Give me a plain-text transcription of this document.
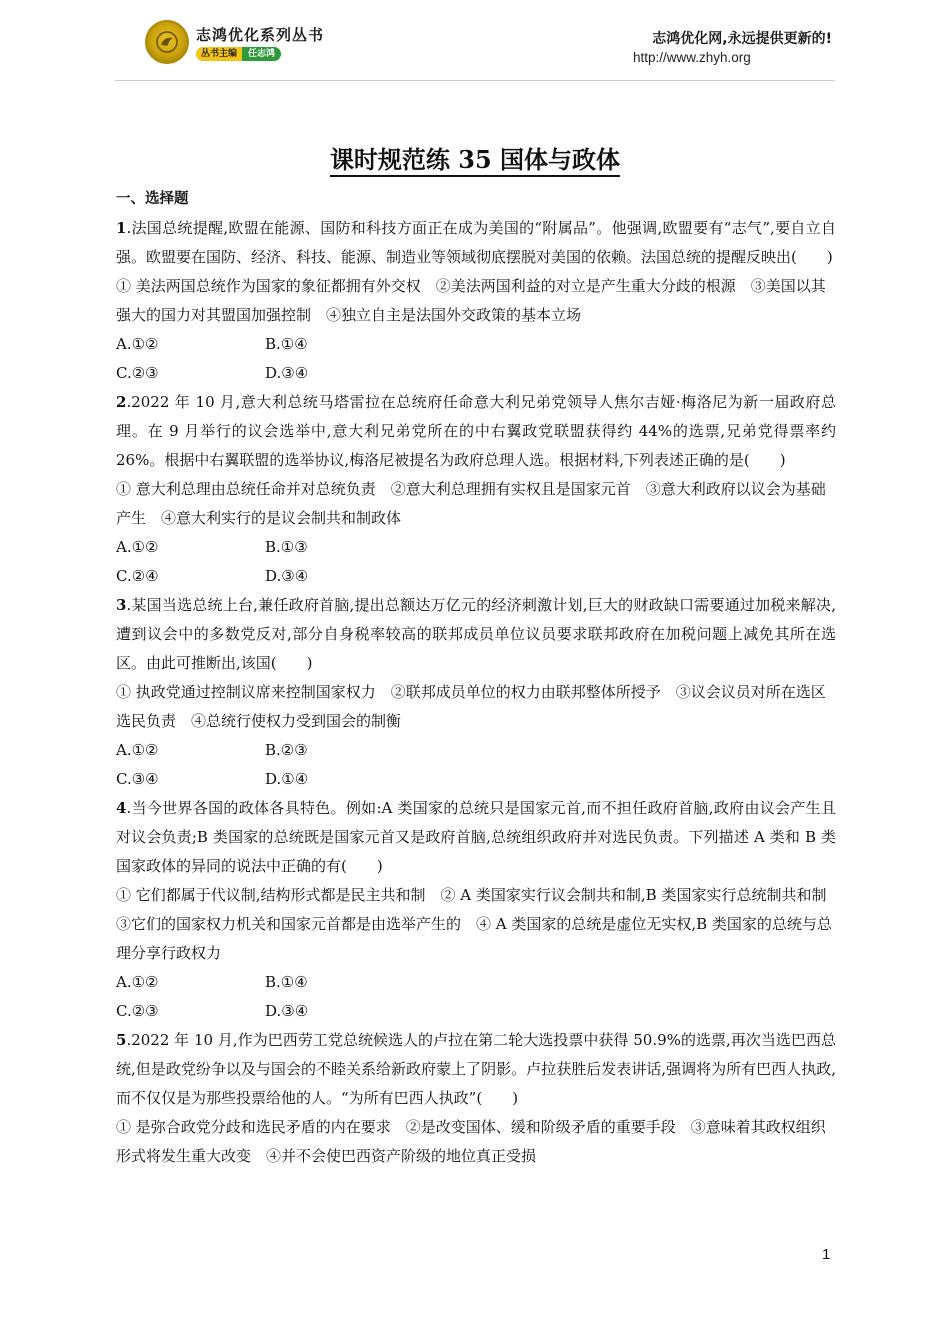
志鸿优化系列丛书
丛书主编	任志鸿
志鸿优化网,永远提供更新的!
http://www.zhyh.org
课时规范练 35 国体与政体
一、选择题
1.法国总统提醒,欧盟在能源、国防和科技方面正在成为美国的“附属品”。他强调,欧盟要有“志气”,要自立自强。欧盟要在国防、经济、科技、能源、制造业等领域彻底摆脱对美国的依赖。法国总统的提醒反映出(　　)
① 美法两国总统作为国家的象征都拥有外交权　②美法两国利益的对立是产生重大分歧的根源　③美国以其强大的国力对其盟国加强控制　④独立自主是法国外交政策的基本立场
A.①②	B.①④
C.②③	D.③④
2.2022 年 10 月,意大利总统马塔雷拉在总统府任命意大利兄弟党领导人焦尔吉娅·梅洛尼为新一届政府总理。在 9 月举行的议会选举中,意大利兄弟党所在的中右翼政党联盟获得约 44%的选票,兄弟党得票率约 26%。根据中右翼联盟的选举协议,梅洛尼被提名为政府总理人选。根据材料,下列表述正确的是(　　)
① 意大利总理由总统任命并对总统负责　②意大利总理拥有实权且是国家元首　③意大利政府以议会为基础产生　④意大利实行的是议会制共和制政体
A.①②	B.①③
C.②④	D.③④
3.某国当选总统上台,兼任政府首脑,提出总额达万亿元的经济刺激计划,巨大的财政缺口需要通过加税来解决,遭到议会中的多数党反对,部分自身税率较高的联邦成员单位议员要求联邦政府在加税问题上减免其所在选区。由此可推断出,该国(　　)
① 执政党通过控制议席来控制国家权力　②联邦成员单位的权力由联邦整体所授予　③议会议员对所在选区选民负责　④总统行使权力受到国会的制衡
A.①②	B.②③
C.③④	D.①④
4.当今世界各国的政体各具特色。例如:A 类国家的总统只是国家元首,而不担任政府首脑,政府由议会产生且对议会负责;B 类国家的总统既是国家元首又是政府首脑,总统组织政府并对选民负责。下列描述 A 类和 B 类国家政体的异同的说法中正确的有(　　)
① 它们都属于代议制,结构形式都是民主共和制　② A 类国家实行议会制共和制,B 类国家实行总统制共和制　③它们的国家权力机关和国家元首都是由选举产生的　④ A 类国家的总统是虚位无实权,B 类国家的总统与总理分享行政权力
A.①②	B.①④
C.②③	D.③④
5.2022 年 10 月,作为巴西劳工党总统候选人的卢拉在第二轮大选投票中获得 50.9%的选票,再次当选巴西总统,但是政党纷争以及与国会的不睦关系给新政府蒙上了阴影。卢拉获胜后发表讲话,强调将为所有巴西人执政,而不仅仅是为那些投票给他的人。“为所有巴西人执政”(　　)
① 是弥合政党分歧和选民矛盾的内在要求　②是改变国体、缓和阶级矛盾的重要手段　③意味着其政权组织形式将发生重大改变　④并不会使巴西资产阶级的地位真正受损
1
